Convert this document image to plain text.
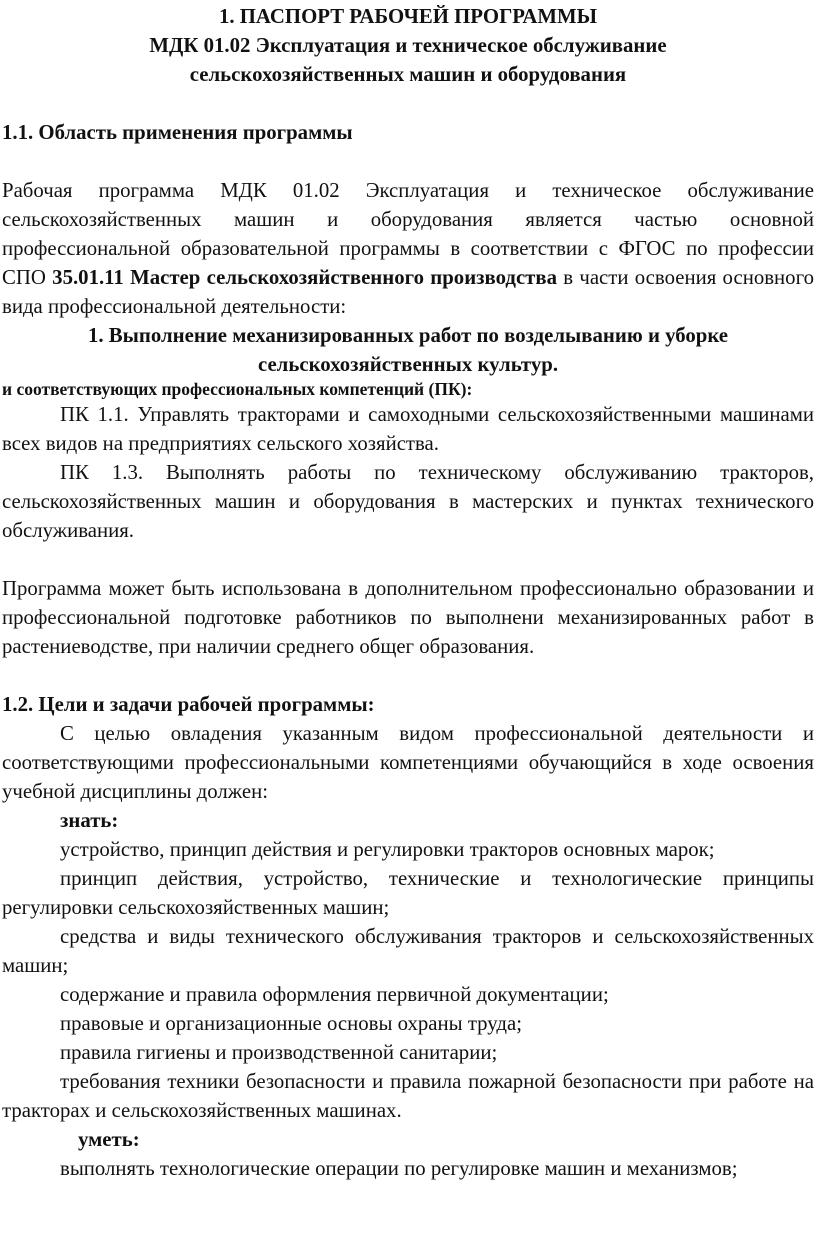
1. ПАСПОРТ РАБОЧЕЙ ПРОГРАММЫ
МДК 01.02 Эксплуатация и техническое обслуживание
сельскохозяйственных машин и оборудования

1.1. Область применения программы

Рабочая программа МДК 01.02 Эксплуатация и техническое обслуживание сельскохозяйственных машин и оборудования является частью основной профессиональной образовательной программы в соответствии с ФГОС по профессии СПО 35.01.11 Мастер сельскохозяйственного производства в части освоения основного вида профессиональной деятельности:

1. Выполнение механизированных работ по возделыванию и уборке сельскохозяйственных культур.

и соответствующих профессиональных компетенций (ПК):

ПК 1.1. Управлять тракторами и самоходными сельскохозяйственными машинами всех видов на предприятиях сельского хозяйства.

ПК 1.3. Выполнять работы по техническому обслуживанию тракторов, сельскохозяйственных машин и оборудования в мастерских и пунктах технического обслуживания.

Программа может быть использована в дополнительном профессионально образовании и профессиональной подготовке работников по выполнени механизированных работ в растениеводстве, при наличии среднего общег образования.

1.2. Цели и задачи рабочей программы:

С целью овладения указанным видом профессиональной деятельности и соответствующими профессиональными компетенциями обучающийся в ходе освоения учебной дисциплины должен:

знать:

устройство, принцип действия и регулировки тракторов основных марок;

принцип действия, устройство, технические и технологические принципы регулировки сельскохозяйственных машин;

средства и виды технического обслуживания тракторов и сельскохозяйственных машин;

содержание и правила оформления первичной документации;

правовые и организационные основы охраны труда;

правила гигиены и производственной санитарии;

требования техники безопасности и правила пожарной безопасности при работе на тракторах и сельскохозяйственных машинах.

уметь:

выполнять технологические операции по регулировке машин и механизмов;
